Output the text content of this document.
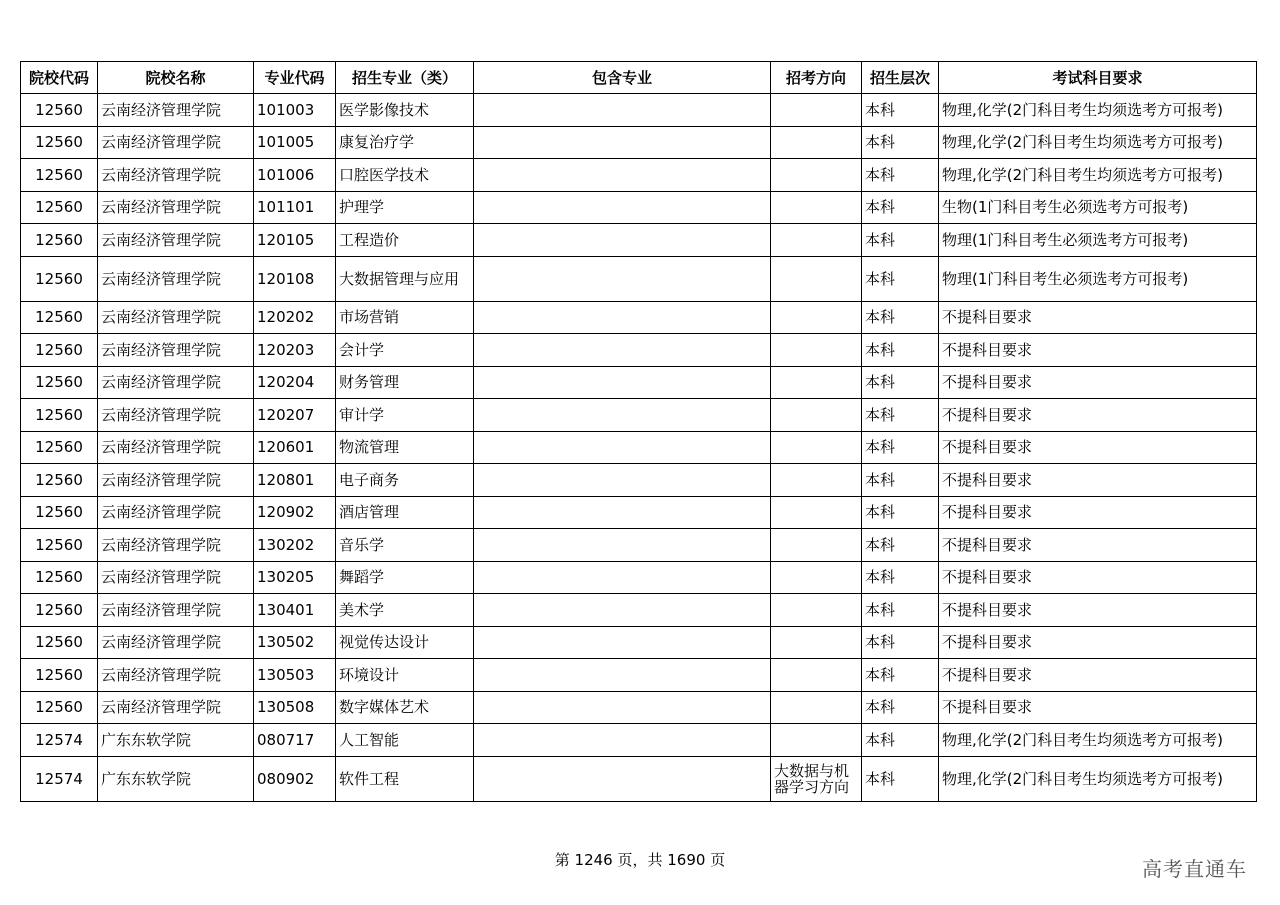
院校代码	院校名称	专业代码	招生专业（类）	包含专业	招考方向	招生层次	考试科目要求
12560	云南经济管理学院	101003	医学影像技术			本科	物理,化学(2门科目考生均须选考方可报考)
12560	云南经济管理学院	101005	康复治疗学			本科	物理,化学(2门科目考生均须选考方可报考)
12560	云南经济管理学院	101006	口腔医学技术			本科	物理,化学(2门科目考生均须选考方可报考)
12560	云南经济管理学院	101101	护理学			本科	生物(1门科目考生必须选考方可报考)
12560	云南经济管理学院	120105	工程造价			本科	物理(1门科目考生必须选考方可报考)
12560	云南经济管理学院	120108	大数据管理与应用			本科	物理(1门科目考生必须选考方可报考)
12560	云南经济管理学院	120202	市场营销			本科	不提科目要求
12560	云南经济管理学院	120203	会计学			本科	不提科目要求
12560	云南经济管理学院	120204	财务管理			本科	不提科目要求
12560	云南经济管理学院	120207	审计学			本科	不提科目要求
12560	云南经济管理学院	120601	物流管理			本科	不提科目要求
12560	云南经济管理学院	120801	电子商务			本科	不提科目要求
12560	云南经济管理学院	120902	酒店管理			本科	不提科目要求
12560	云南经济管理学院	130202	音乐学			本科	不提科目要求
12560	云南经济管理学院	130205	舞蹈学			本科	不提科目要求
12560	云南经济管理学院	130401	美术学			本科	不提科目要求
12560	云南经济管理学院	130502	视觉传达设计			本科	不提科目要求
12560	云南经济管理学院	130503	环境设计			本科	不提科目要求
12560	云南经济管理学院	130508	数字媒体艺术			本科	不提科目要求
12574	广东东软学院	080717	人工智能			本科	物理,化学(2门科目考生均须选考方可报考)
12574	广东东软学院	080902	软件工程		大数据与机器学习方向	本科	物理,化学(2门科目考生均须选考方可报考)
第 1246 页，共 1690 页	高考直通车
